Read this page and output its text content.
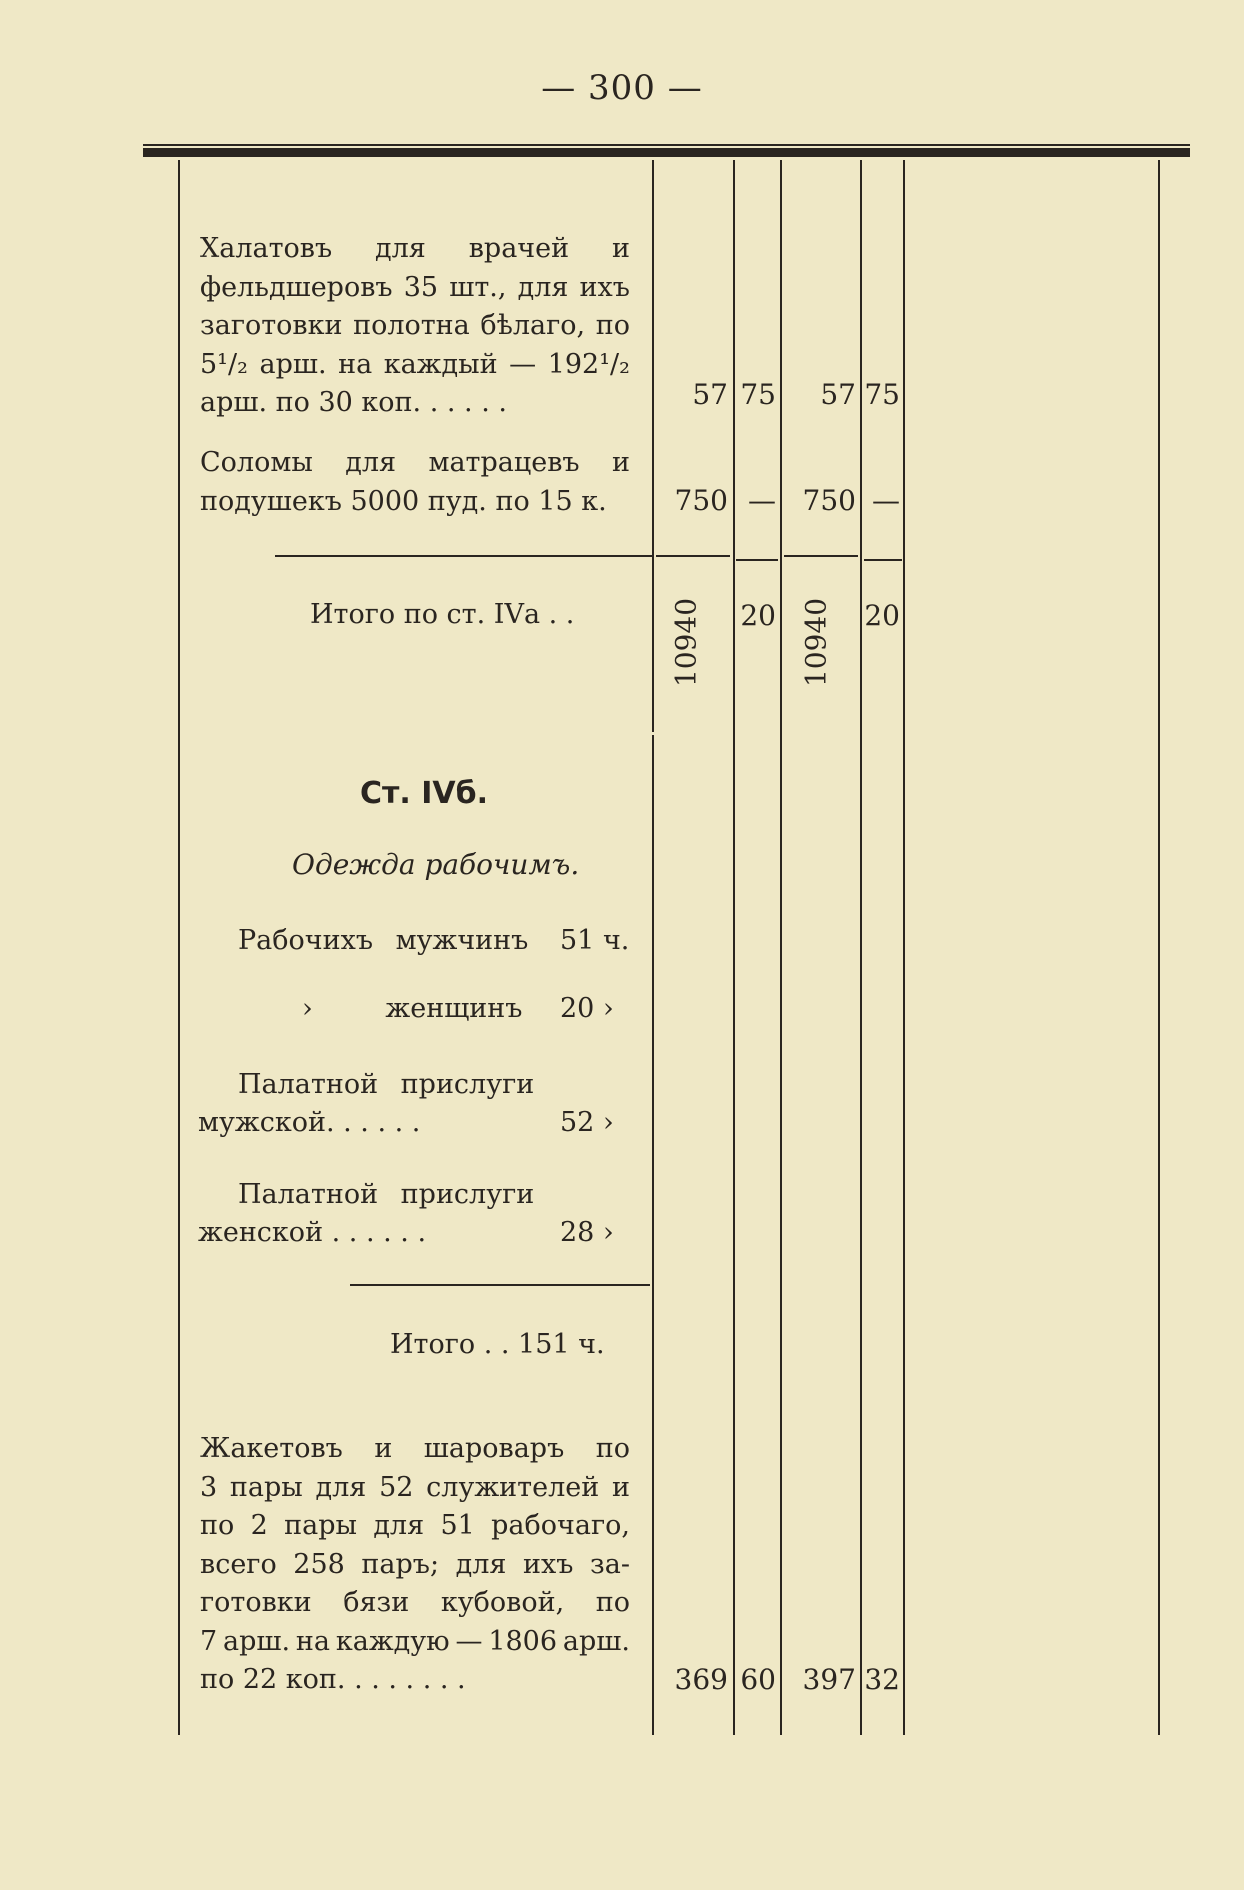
— 300 —
Халатовъ для врачей и
фельдшеровъ 35 шт., для ихъ
заготовки полотна бѣлаго, по
5¹/₂ арш. на каждый — 192¹/₂
арш. по 30 коп. . . . . .	57 75	57 75
Соломы для матрацевъ и
подушекъ 5000 пуд. по 15 к.	750 — 750 —
Итого по ст. IVа . .	10940 20 10940 20
Ст. IVб.
Одежда рабочимъ.
Рабочихъ мужчинъ 51 ч.
› женщинъ 20 ›
Палатной прислуги
мужской. . . . . .	52 ›
Палатной прислуги
женской . . . . . .	28 ›
Итого . . 151 ч.
Жакетовъ и шароваръ по
3 пары для 52 служителей и
по 2 пары для 51 рабочаго,
всего 258 паръ; для ихъ за-
готовки бязи кубовой, по
7 арш. на каждую — 1806 арш.
по 22 коп. . . . . . . .	369 60 397 32
